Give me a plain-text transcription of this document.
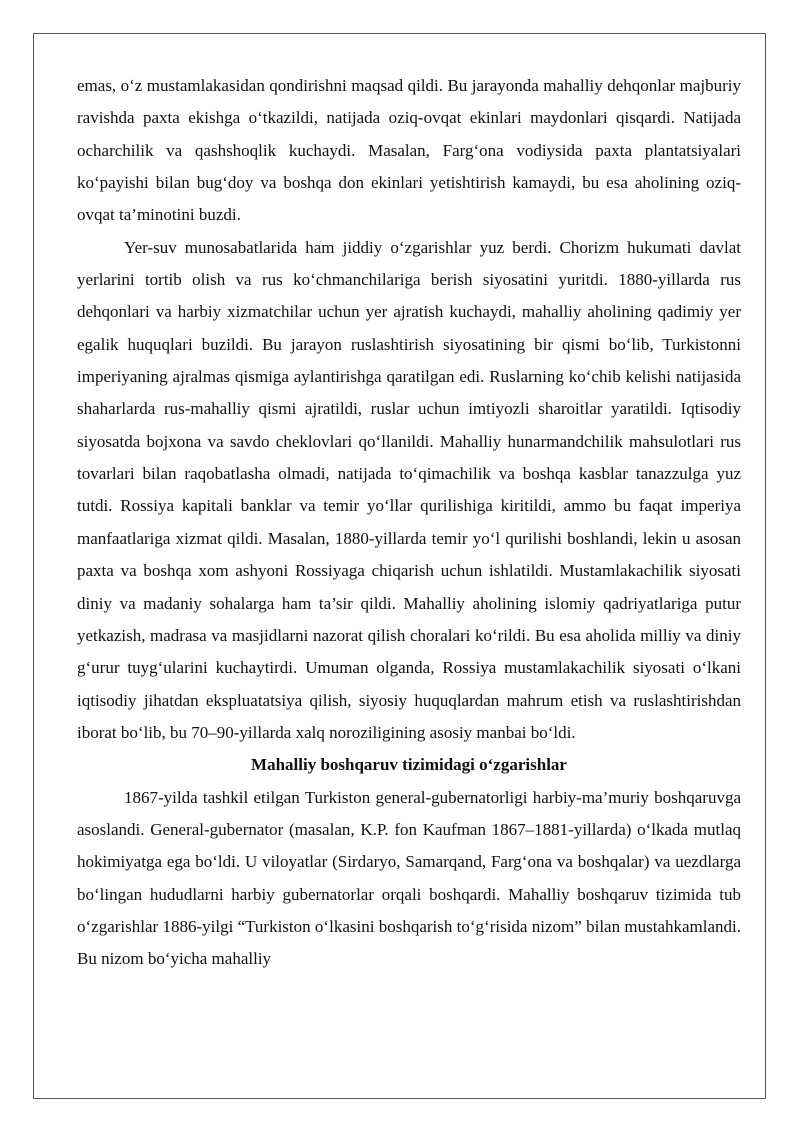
emas, o‘z mustamlakasidan qondirishni maqsad qildi. Bu jarayonda mahalliy dehqonlar majburiy ravishda paxta ekishga o‘tkazildi, natijada oziq-ovqat ekinlari maydonlari qisqardi. Natijada ocharchilik va qashshoqlik kuchaydi. Masalan, Farg‘ona vodiysida paxta plantatsiyalari ko‘payishi bilan bug‘doy va boshqa don ekinlari yetishtirish kamaydi, bu esa aholining oziq-ovqat ta’minotini buzdi.

Yer-suv munosabatlarida ham jiddiy o‘zgarishlar yuz berdi. Chorizm hukumati davlat yerlarini tortib olish va rus ko‘chmanchilariga berish siyosatini yuritdi. 1880-yillarda rus dehqonlari va harbiy xizmatchilar uchun yer ajratish kuchaydi, mahalliy aholining qadimiy yer egalik huquqlari buzildi. Bu jarayon ruslashtirish siyosatining bir qismi bo‘lib, Turkistonni imperiyaning ajralmas qismiga aylantirishga qaratilgan edi. Ruslarning ko‘chib kelishi natijasida shaharlarda rus-mahalliy qismi ajratildi, ruslar uchun imtiyozli sharoitlar yaratildi. Iqtisodiy siyosatda bojxona va savdo cheklovlari qo‘llanildi. Mahalliy hunarmandchilik mahsulotlari rus tovarlari bilan raqobatlasha olmadi, natijada to‘qimachilik va boshqa kasblar tanazzulga yuz tutdi. Rossiya kapitali banklar va temir yo‘llar qurilishiga kiritildi, ammo bu faqat imperiya manfaatlariga xizmat qildi. Masalan, 1880-yillarda temir yo‘l qurilishi boshlandi, lekin u asosan paxta va boshqa xom ashyoni Rossiyaga chiqarish uchun ishlatildi. Mustamlakachilik siyosati diniy va madaniy sohalarga ham ta’sir qildi. Mahalliy aholining islomiy qadriyatlariga putur yetkazish, madrasa va masjidlarni nazorat qilish choralari ko‘rildi. Bu esa aholida milliy va diniy g‘urur tuyg‘ularini kuchaytirdi. Umuman olganda, Rossiya mustamlakachilik siyosati o‘lkani iqtisodiy jihatdan ekspluatatsiya qilish, siyosiy huquqlardan mahrum etish va ruslashtirishdan iborat bo‘lib, bu 70–90-yillarda xalq noroziligining asosiy manbai bo‘ldi.

Mahalliy boshqaruv tizimidagi o‘zgarishlar

1867-yilda tashkil etilgan Turkiston general-gubernatorligi harbiy-ma’muriy boshqaruvga asoslandi. General-gubernator (masalan, K.P. fon Kaufman 1867–1881-yillarda) o‘lkada mutlaq hokimiyatga ega bo‘ldi. U viloyatlar (Sirdaryo, Samarqand, Farg‘ona va boshqalar) va uezdlarga bo‘lingan hududlarni harbiy gubernatorlar orqali boshqardi. Mahalliy boshqaruv tizimida tub o‘zgarishlar 1886-yilgi “Turkiston o‘lkasini boshqarish to‘g‘risida nizom” bilan mustahkamlandi. Bu nizom bo‘yicha mahalliy
